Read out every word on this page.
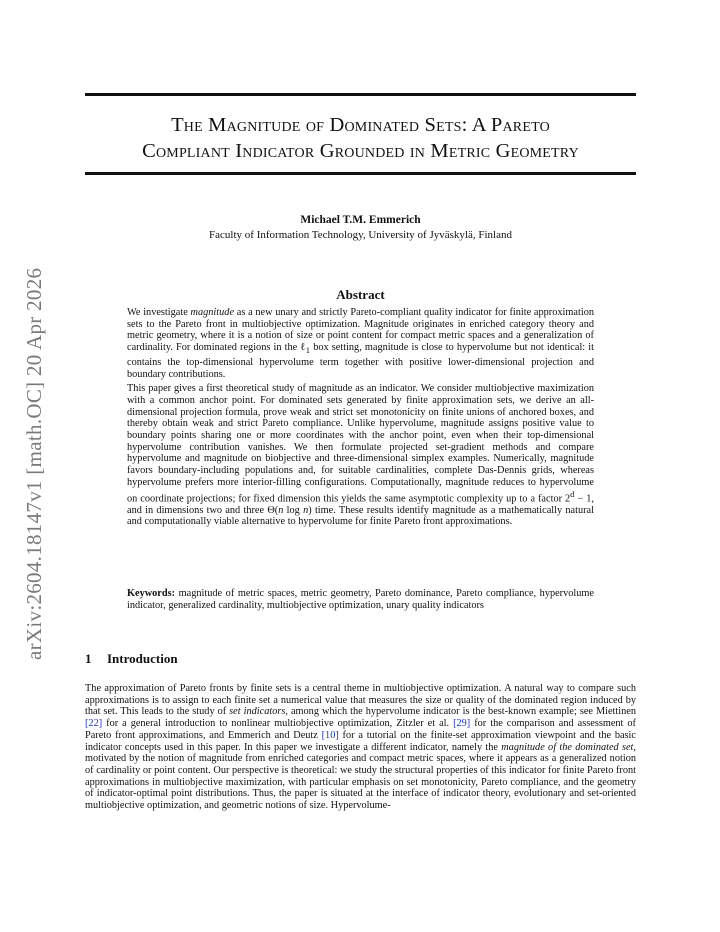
arXiv:2604.18147v1 [math.OC] 20 Apr 2026
The Magnitude of Dominated Sets: A Pareto
Compliant Indicator Grounded in Metric Geometry
Michael T.M. Emmerich
Faculty of Information Technology, University of Jyväskylä, Finland
Abstract

We investigate magnitude as a new unary and strictly Pareto-compliant quality indicator for finite approximation sets to the Pareto front in multiobjective optimization. Magnitude originates in enriched category theory and metric geometry, where it is a notion of size or point content for compact metric spaces and a generalization of cardinality. For dominated regions in the ℓ$_1$ box setting, magnitude is close to hypervolume but not identical: it contains the top-dimensional hypervolume term together with positive lower-dimensional projection and boundary contributions.

This paper gives a first theoretical study of magnitude as an indicator. We consider multiobjective maximization with a common anchor point. For dominated sets generated by finite approximation sets, we derive an all-dimensional projection formula, prove weak and strict set monotonicity on finite unions of anchored boxes, and thereby obtain weak and strict Pareto compliance. Unlike hypervolume, magnitude assigns positive value to boundary points sharing one or more coordinates with the anchor point, even when their top-dimensional hypervolume contribution vanishes. We then formulate projected set-gradient methods and compare hypervolume and magnitude on biobjective and three-dimensional simplex examples. Numerically, magnitude favors boundary-including populations and, for suitable cardinalities, complete Das-Dennis grids, whereas hypervolume prefers more interior-filling configurations. Computationally, magnitude reduces to hypervolume on coordinate projections; for fixed dimension this yields the same asymptotic complexity up to a factor $2^d - 1$, and in dimensions two and three Θ(n log n) time. These results identify magnitude as a mathematically natural and computationally viable alternative to hypervolume for finite Pareto front approximations.

Keywords: magnitude of metric spaces, metric geometry, Pareto dominance, Pareto compliance, hypervolume indicator, generalized cardinality, multiobjective optimization, unary quality indicators
1 Introduction

The approximation of Pareto fronts by finite sets is a central theme in multiobjective optimization. A natural way to compare such approximations is to assign to each finite set a numerical value that measures the size or quality of the dominated region induced by that set. This leads to the study of set indicators, among which the hypervolume indicator is the best-known example; see Miettinen [22] for a general introduction to nonlinear multiobjective optimization, Zitzler et al. [29] for the comparison and assessment of Pareto front approximations, and Emmerich and Deutz [10] for a tutorial on the finite-set approximation viewpoint and the basic indicator concepts used in this paper. In this paper we investigate a different indicator, namely the magnitude of the dominated set, motivated by the notion of magnitude from enriched categories and compact metric spaces, where it appears as a generalized notion of cardinality or point content. Our perspective is theoretical: we study the structural properties of this indicator for finite Pareto front approximations in multiobjective maximization, with particular emphasis on set monotonicity, Pareto compliance, and the geometry of indicator-optimal point distributions. Thus, the paper is situated at the interface of indicator theory, evolutionary and set-oriented multiobjective optimization, and geometric notions of size. Hypervolume-
